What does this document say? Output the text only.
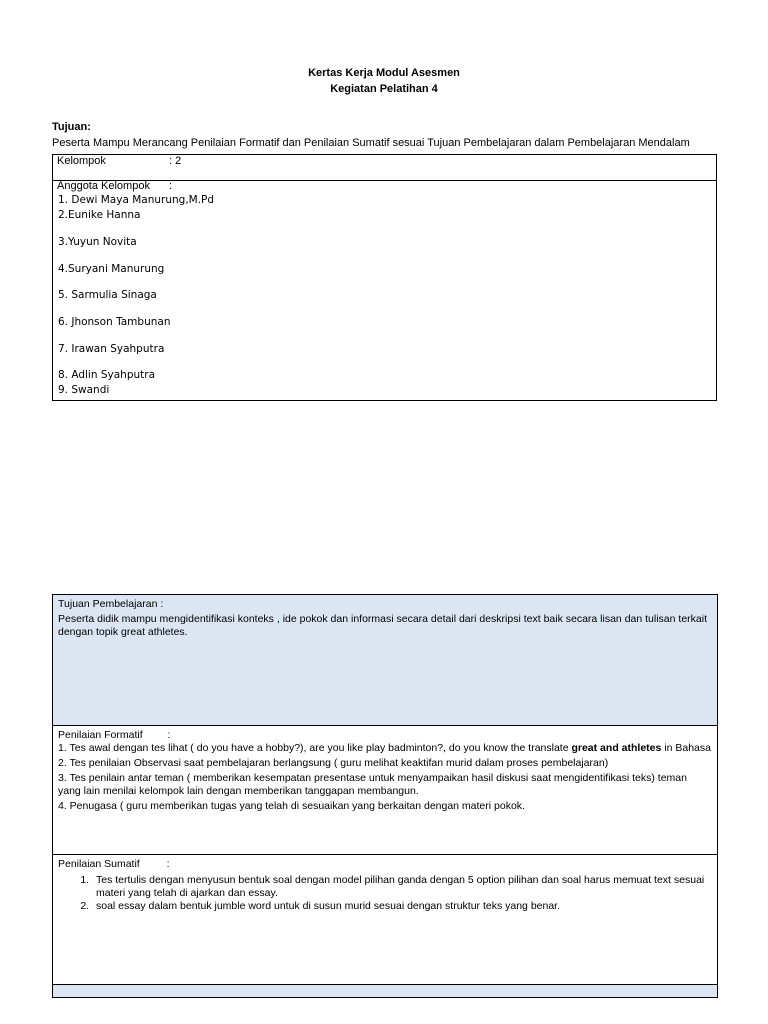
Kertas Kerja Modul Asesmen
Kegiatan Pelatihan 4
Tujuan:
Peserta Mampu Merancang Penilaian Formatif dan Penilaian Sumatif sesuai Tujuan Pembelajaran dalam Pembelajaran Mendalam
Kelompok	: 2
Anggota Kelompok :
1. Dewi Maya Manurung,M.Pd
2.Eunike Hanna
3.Yuyun Novita
4.Suryani Manurung
5. Sarmulia Sinaga
6. Jhonson Tambunan
7. Irawan Syahputra
8. Adlin Syahputra
9. Swandi

Tujuan Pembelajaran :

Peserta didik mampu mengidentifikasi konteks , ide pokok dan informasi secara detail dari deskripsi text baik secara lisan dan tulisan terkait dengan topik great athletes.

Penilaian Formatif :

1. Tes awal dengan tes lihat ( do you have a hobby?), are you like play badminton?, do you know the translate great and athletes in Bahasa

2. Tes penilaian Observasi saat pembelajaran berlangsung ( guru melihat keaktifan murid dalam proses pembelajaran)

3. Tes penilain antar teman ( memberikan kesempatan presentase untuk menyampaikan hasil diskusi saat mengidentifikasi teks) teman yang lain menilai kelompok lain dengan memberikan tanggapan membangun.

4. Penugasa ( guru memberikan tugas yang telah di sesuaikan yang berkaitan dengan materi pokok.

Penilaian Sumatif	:

1. Tes tertulis dengan menyusun bentuk soal dengan model pilihan ganda dengan 5 option pilihan dan soal harus memuat text sesuai materi yang telah di ajarkan dan essay.
2. soal essay dalam bentuk jumble word untuk di susun murid sesuai dengan struktur teks yang benar.
